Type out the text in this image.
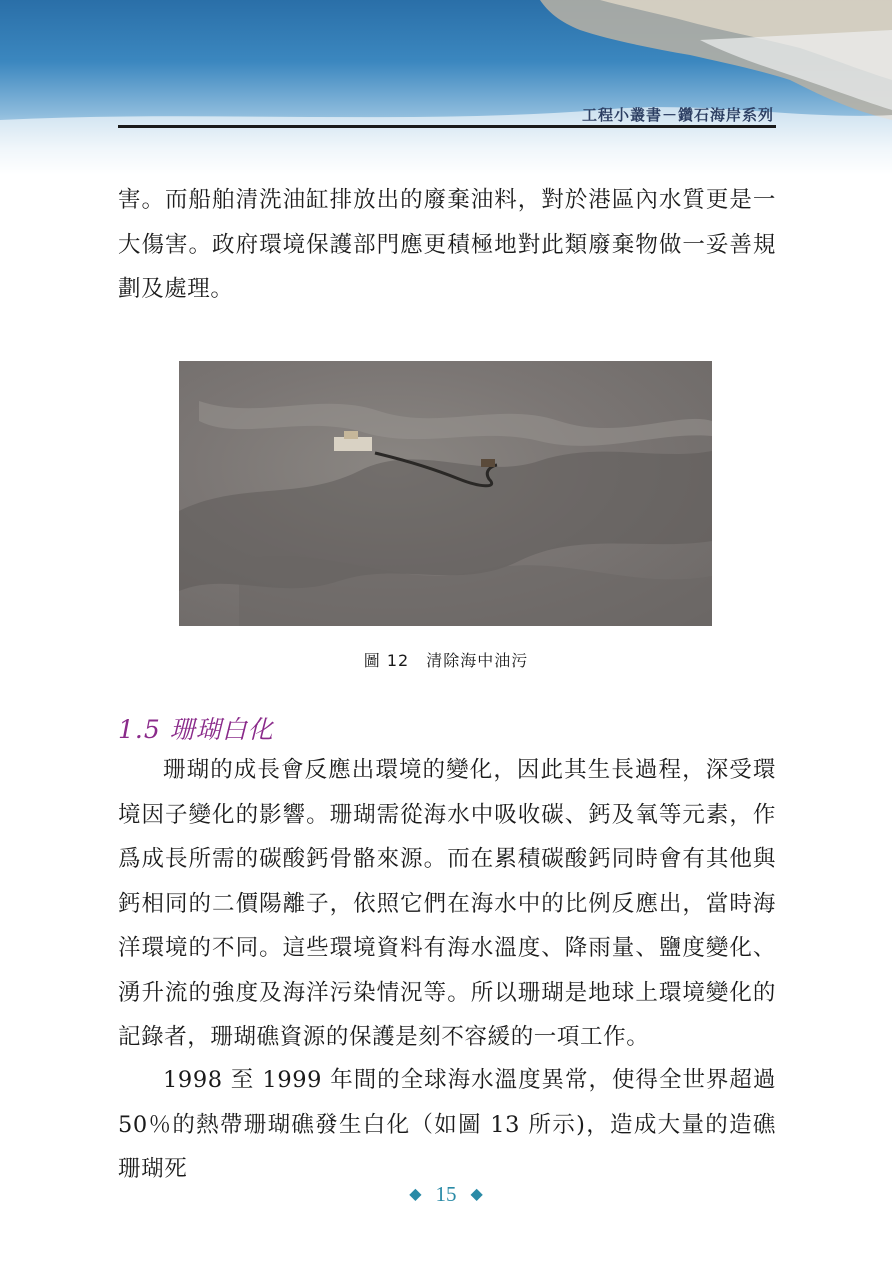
工程小叢書－鑽石海岸系列

害。而船舶清洗油缸排放出的廢棄油料，對於港區內水質更是一大傷害。政府環境保護部門應更積極地對此類廢棄物做一妥善規劃及處理。

圖 12　清除海中油污
1.5 珊瑚白化

珊瑚的成長會反應出環境的變化，因此其生長過程，深受環境因子變化的影響。珊瑚需從海水中吸收碳、鈣及氧等元素，作爲成長所需的碳酸鈣骨骼來源。而在累積碳酸鈣同時會有其他與鈣相同的二價陽離子，依照它們在海水中的比例反應出，當時海洋環境的不同。這些環境資料有海水溫度、降雨量、鹽度變化、湧升流的強度及海洋污染情況等。所以珊瑚是地球上環境變化的記錄者，珊瑚礁資源的保護是刻不容緩的一項工作。

1998 至 1999 年間的全球海水溫度異常，使得全世界超過 50％的熱帶珊瑚礁發生白化（如圖 13 所示)，造成大量的造礁珊瑚死

◆ 15 ◆
